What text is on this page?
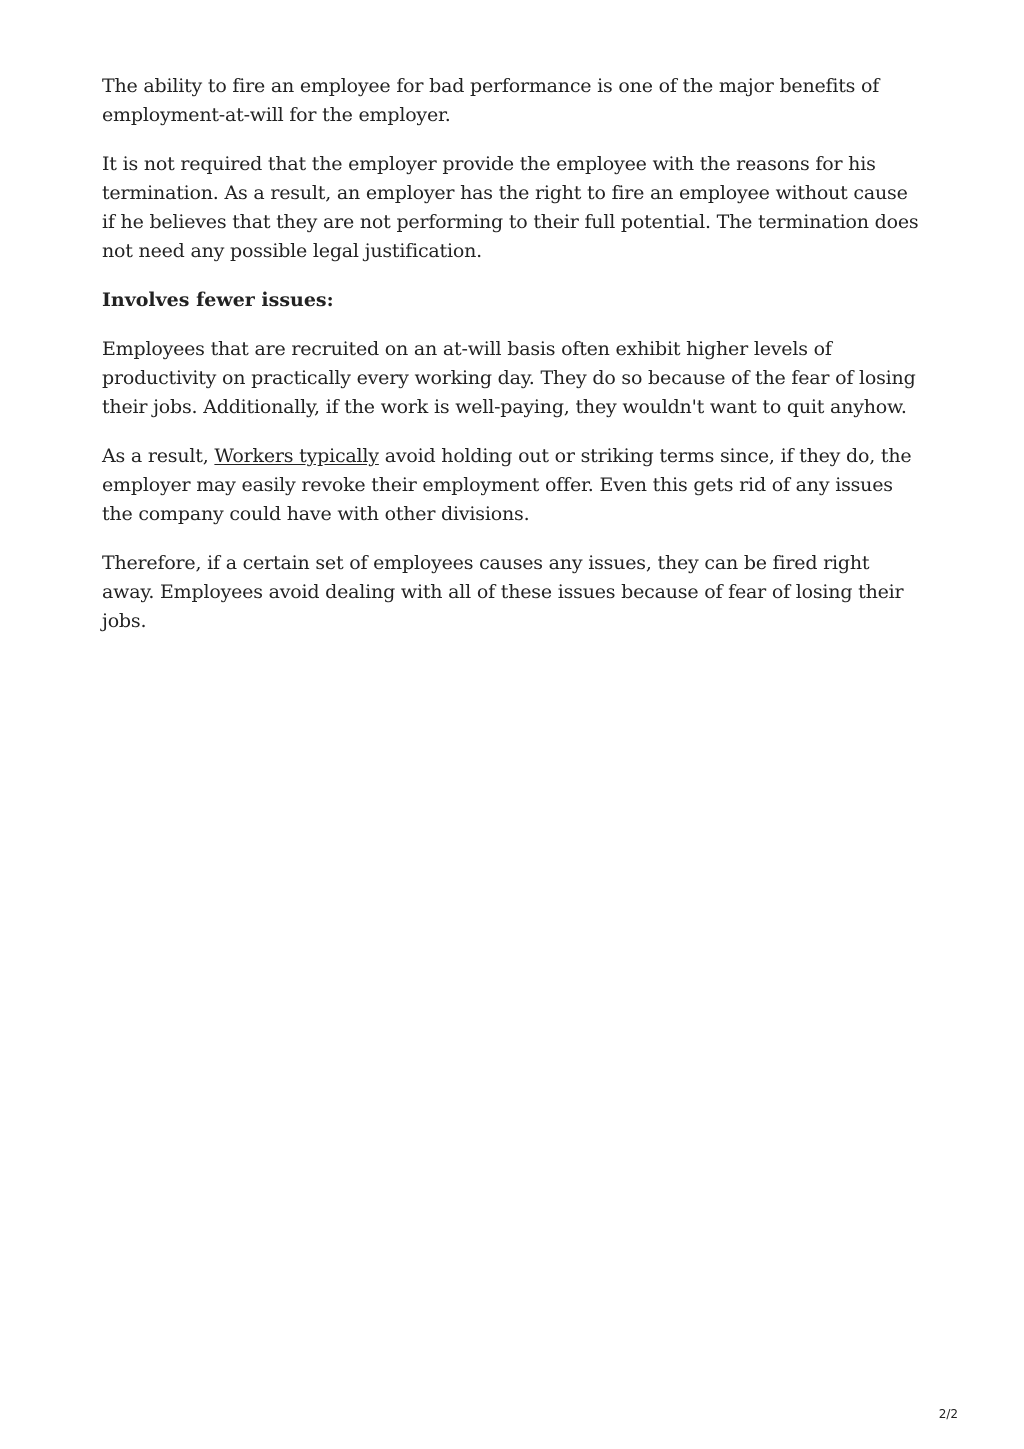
The ability to fire an employee for bad performance is one of the major benefits of employment-at-will for the employer.

It is not required that the employer provide the employee with the reasons for his termination. As a result, an employer has the right to fire an employee without cause if he believes that they are not performing to their full potential. The termination does not need any possible legal justification.

Involves fewer issues:

Employees that are recruited on an at-will basis often exhibit higher levels of productivity on practically every working day. They do so because of the fear of losing their jobs. Additionally, if the work is well-paying, they wouldn't want to quit anyhow.

As a result, Workers typically avoid holding out or striking terms since, if they do, the employer may easily revoke their employment offer. Even this gets rid of any issues the company could have with other divisions.

Therefore, if a certain set of employees causes any issues, they can be fired right away. Employees avoid dealing with all of these issues because of fear of losing their jobs.

2/2
